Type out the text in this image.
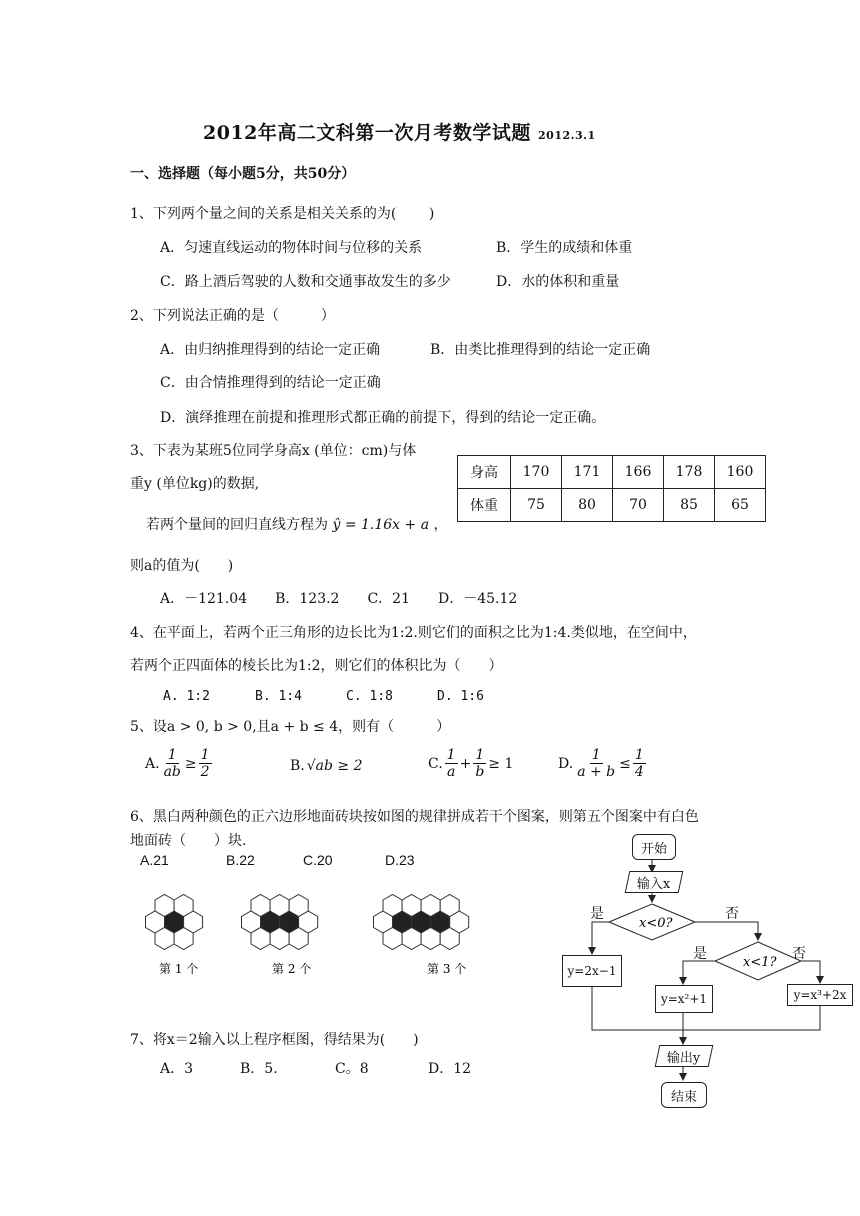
2012年高二文科第一次月考数学试题 2012.3.1
一、选择题（每小题5分，共50分）
1、下列两个量之间的关系是相关关系的为(　　 )
A．匀速直线运动的物体时间与位移的关系	B．学生的成绩和体重
C．路上酒后驾驶的人数和交通事故发生的多少	D．水的体积和重量
2、下列说法正确的是（　　　）
A．由归纳推理得到的结论一定正确	B．由类比推理得到的结论一定正确
C．由合情推理得到的结论一定正确
D．演绎推理在前提和推理形式都正确的前提下，得到的结论一定正确。
3、下表为某班5位同学身高x (单位：cm)与体
重y (单位kg)的数据,
若两个量间的回归直线方程为 ŷ = 1.16x + a ，
则a的值为(　　)
A．－121.04　　B．123.2　　C．21　　D．－45.12
身高	170	171	166	178	160
体重	75	80	70	85	65
4、在平面上，若两个正三角形的边长比为1:2.则它们的面积之比为1:4.类似地，在空间中，
若两个正四面体的棱长比为1:2，则它们的体积比为（　　）
A. 1:2	B. 1:4	C. 1:8	D. 1:6
5、设a > 0, b > 0,且a + b ≤ 4，则有（　　　）
A. $\frac{1}{ab} \ge \frac{1}{2}$	B. √ab ≥ 2	C. $\frac{1}{a} + \frac{1}{b} \ge 1$	D. $\frac{1}{a + b} \le \frac{1}{4}$
6、黑白两种颜色的正六边形地面砖块按如图的规律拼成若干个图案，则第五个图案中有白色
地面砖（　　）块.
A.21	B.22	C.20	D.23
第 1 个	第 2 个	第 3 个
7、将x＝2输入以上程序框图，得结果为(　　)
A．3	B．5.	C。8	D．12
x<0?
x<1?
开始
输入x
是	否
是	否
y=2x−1
y=x²+1	y=x³+2x
输出y
结束
